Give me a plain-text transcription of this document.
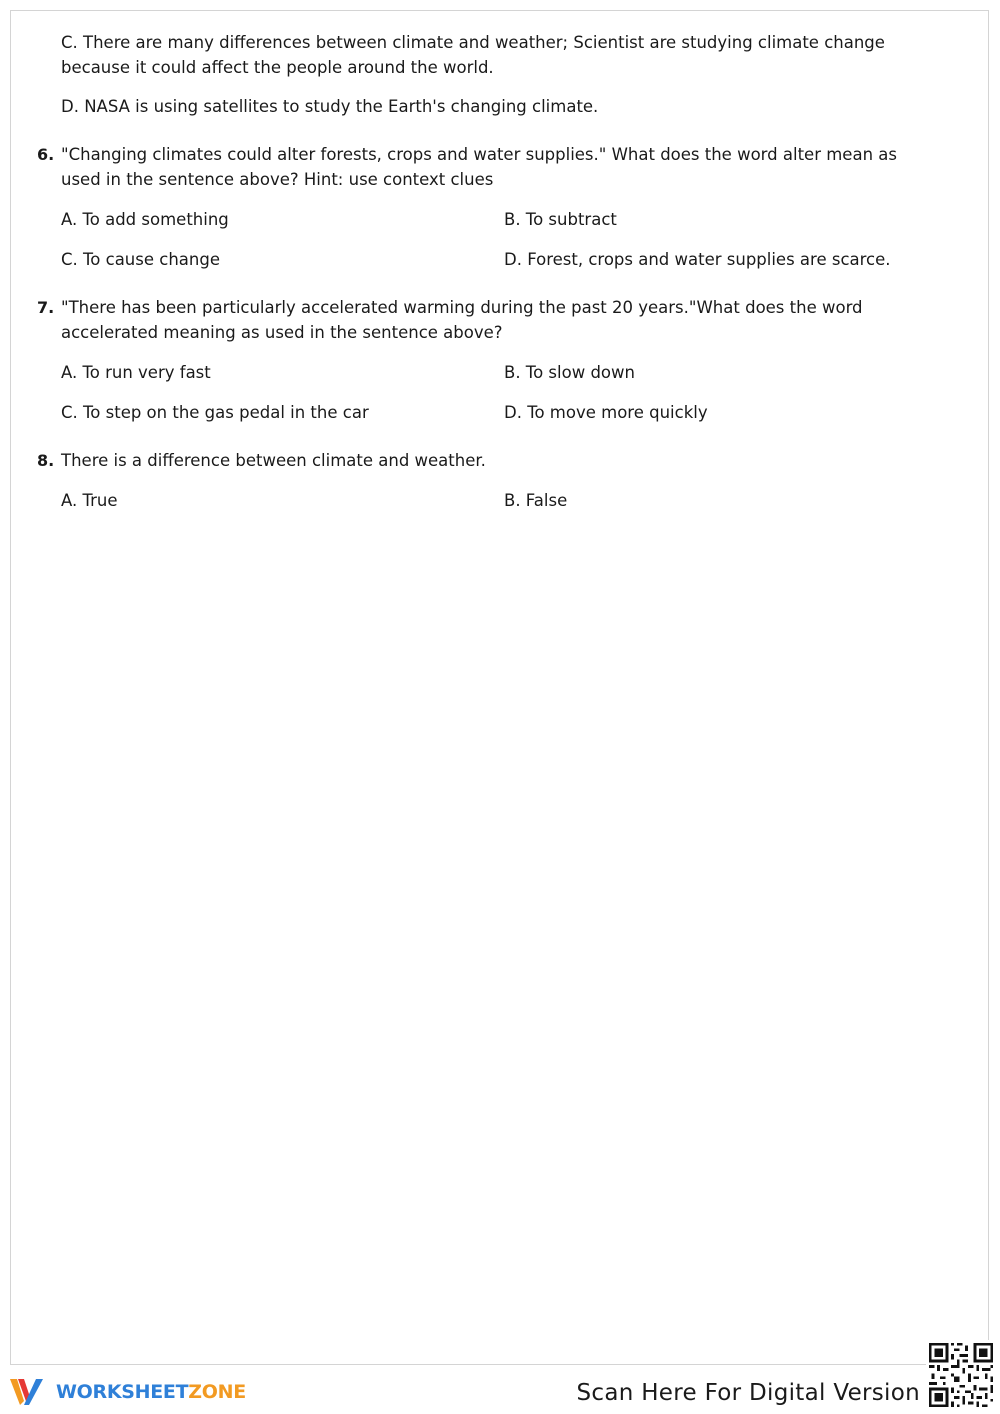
C. There are many differences between climate and weather; Scientist are studying climate change because it could affect the people around the world.

D. NASA is using satellites to study the Earth's changing climate.

6. "Changing climates could alter forests, crops and water supplies." What does the word alter mean as used in the sentence above? Hint: use context clues

A. To add something	B. To subtract
C. To cause change	D. Forest, crops and water supplies are scarce.
7. "There has been particularly accelerated warming during the past 20 years."What does the word accelerated meaning as used in the sentence above?

A. To run very fast	B. To slow down
C. To step on the gas pedal in the car	D. To move more quickly
8. There is a difference between climate and weather.

A. True	B. False
WORKSHEETZONE	Scan Here For Digital Version
